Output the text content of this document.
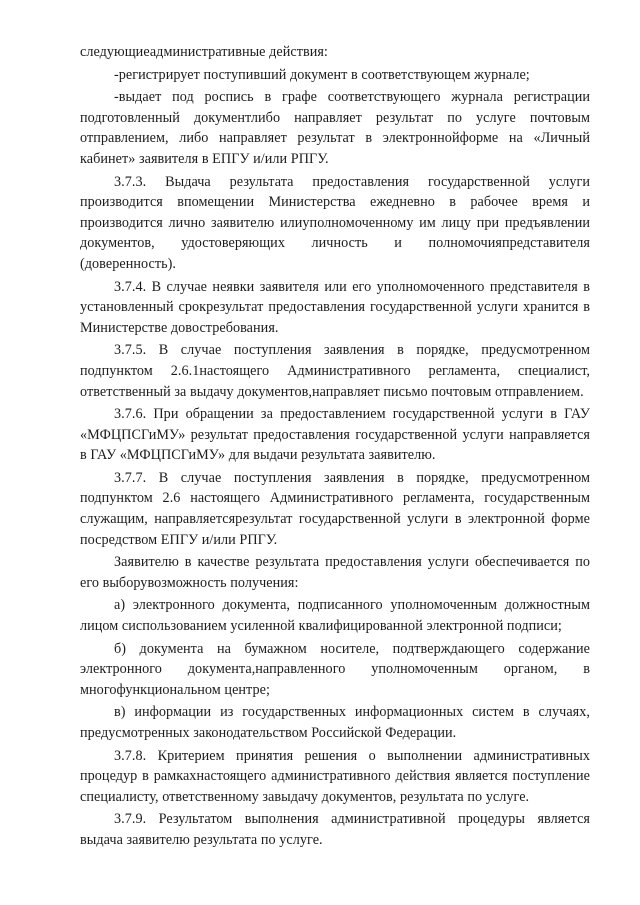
следующиеадминистративные действия:

-регистрирует поступивший документ в соответствующем журнале;

-выдает под роспись в графе соответствующего журнала регистрации подготовленный документлибо направляет результат по услуге почтовым отправлением, либо направляет результат в электроннойформе на «Личный кабинет» заявителя в ЕПГУ и/или РПГУ.

3.7.3. Выдача результата предоставления государственной услуги производится впомещении Министерства ежедневно в рабочее время и производится лично заявителю илиуполномоченному им лицу при предъявлении документов, удостоверяющих личность и полномочияпредставителя (доверенность).

3.7.4. В случае неявки заявителя или его уполномоченного представителя в установленный срокрезультат предоставления государственной услуги хранится в Министерстве довостребования.

3.7.5. В случае поступления заявления в порядке, предусмотренном подпунктом 2.6.1настоящего Административного регламента, специалист, ответственный за выдачу документов,направляет письмо почтовым отправлением.

3.7.6. При обращении за предоставлением государственной услуги в ГАУ «МФЦПСГиМУ» результат предоставления государственной услуги направляется в ГАУ «МФЦПСГиМУ» для выдачи результата заявителю.

3.7.7. В случае поступления заявления в порядке, предусмотренном подпунктом 2.6 настоящего Административного регламента, государственным служащим, направляетсярезультат государственной услуги в электронной форме посредством ЕПГУ и/или РПГУ.

Заявителю в качестве результата предоставления услуги обеспечивается по его выборувозможность получения:

а) электронного документа, подписанного уполномоченным должностным лицом сиспользованием усиленной квалифицированной электронной подписи;

б) документа на бумажном носителе, подтверждающего содержание электронного документа,направленного уполномоченным органом, в многофункциональном центре;

в) информации из государственных информационных систем в случаях, предусмотренных законодательством Российской Федерации.

3.7.8. Критерием принятия решения о выполнении административных процедур в рамкахнастоящего административного действия является поступление специалисту, ответственному завыдачу документов, результата по услуге.

3.7.9. Результатом выполнения административной процедуры является выдача заявителю результата по услуге.
